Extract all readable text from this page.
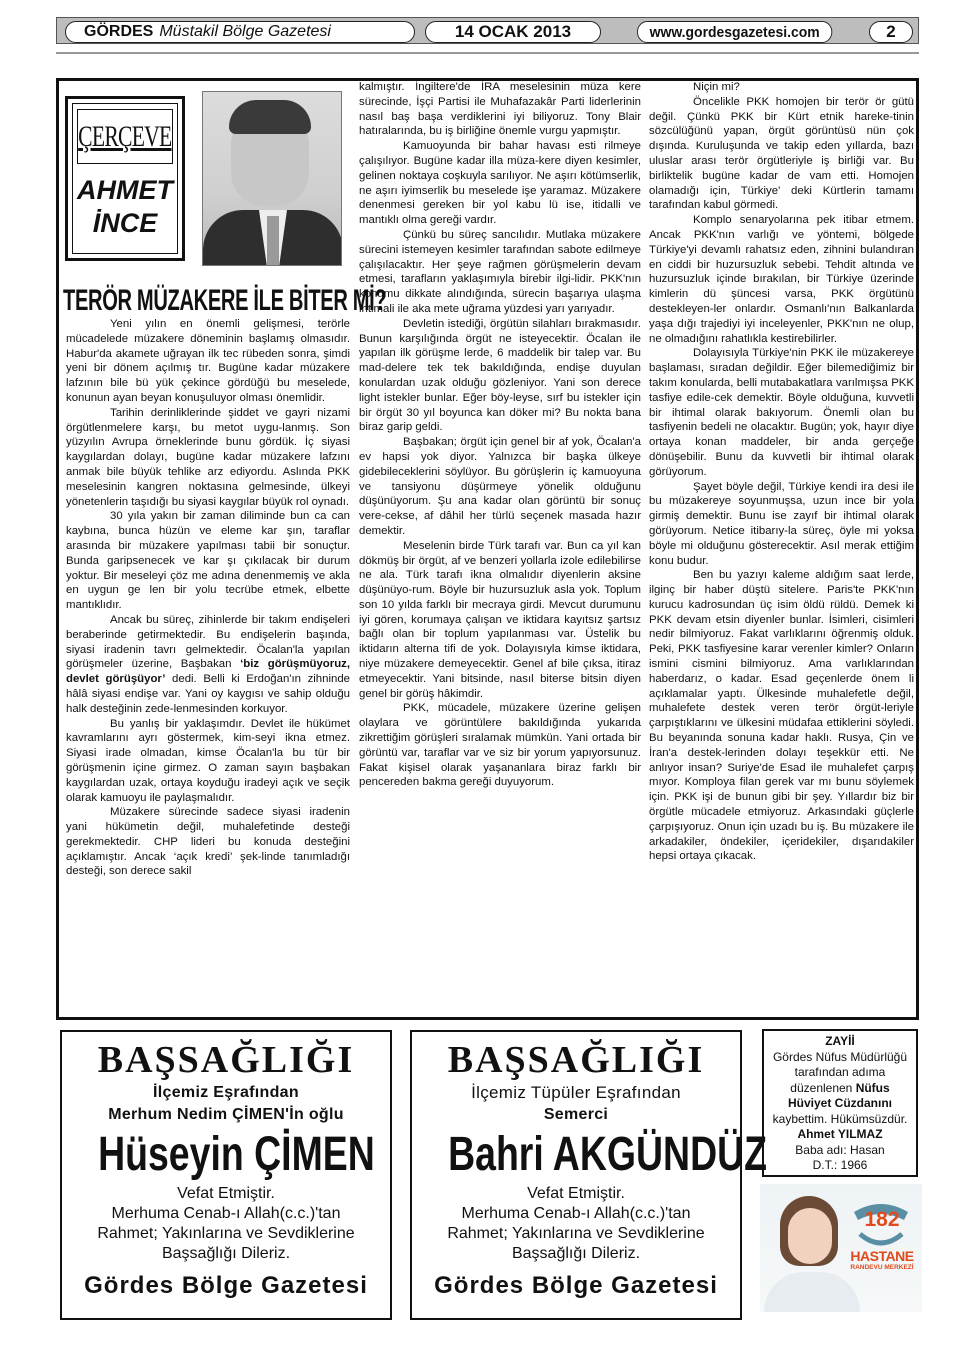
GÖRDES Müstakil Bölge Gazetesi	14 OCAK 2013	www.gordesgazetesi.com	2
ÇERÇEVE
AHMET
İNCE
TERÖR MÜZAKERE İLE BİTER Mİ?

Yeni yılın en önemli gelişmesi, terörle mücadelede müzakere döneminin başlamış olmasıdır. Habur'da akamete uğrayan ilk tec rübeden sonra, şimdi yeni bir dönem açılmış tır. Bugüne kadar müzakere lafzının bile bü yük çekince gördüğü bu meselede, konunun ayan beyan konuşuluyor olması önemlidir.

Tarihin derinliklerinde şiddet ve gayri nizami örgütlenmelere karşı, bu metot uygu-lanmış. Son yüzyılın Avrupa örneklerinde bunu gördük. İç siyasi kaygılardan dolayı, bugüne kadar müzakere lafzını anmak bile büyük tehlike arz ediyordu. Aslında PKK meselesinin kangren noktasına gelmesinde, ülkeyi yönetenlerin taşıdığı bu siyasi kaygılar büyük rol oynadı.

30 yıla yakın bir zaman diliminde bun ca can kaybına, bunca hüzün ve eleme kar şın, taraflar arasında bir müzakere yapılması tabii bir sonuçtur. Bunda garipsenecek ve kar şı çıkılacak bir durum yoktur. Bir meseleyi çöz me adına denenmemiş ve akla en uygun ge len bir yolu tecrübe etmek, elbette mantıklıdır.

Ancak bu süreç, zihinlerde bir takım endişeleri beraberinde getirmektedir. Bu endişelerin başında, siyasi iradenin tavrı gelmektedir. Öcalan'la yapılan görüşmeler üzerine, Başbakan ‘biz görüşmüyoruz, devlet görüşüyor’ dedi. Belli ki Erdoğan'ın zihninde hâlâ siyasi endişe var. Yani oy kaygısı ve sahip olduğu halk desteğinin zede-lenmesinden korkuyor.

Bu yanlış bir yaklaşımdır. Devlet ile hükümet kavramlarını ayrı göstermek, kim-seyi ikna etmez. Siyasi irade olmadan, kimse Öcalan'la bu tür bir görüşmenin içine girmez. O zaman sayın başbakan kaygılardan uzak, ortaya koyduğu iradeyi açık ve seçik olarak kamuoyu ile paylaşmalıdır.

Müzakere sürecinde sadece siyasi iradenin yani hükümetin değil, muhalefetinde desteği gerekmektedir. CHP lideri bu konuda desteğini açıklamıştır. Ancak ‘açık kredi’ şek-linde tanımladığı desteği, son derece sakil

kalmıştır. İngiltere'de İRA meselesinin müza kere sürecinde, İşçi Partisi ile Muhafazakâr Parti liderlerinin nasıl baş başa verdiklerini iyi biliyoruz. Tony Blair hatıralarında, bu iş birliğine önemle vurgu yapmıştır.

Kamuoyunda bir bahar havası esti rilmeye çalışılıyor. Bugüne kadar illa müza-kere diyen kesimler, gelinen noktaya coşkuyla sarılıyor. Ne aşırı kötümserlik, ne aşırı iyimserlik bu meselede işe yaramaz. Müzakere denenmesi gereken bir yol kabu lü ise, itidalli ve mantıklı olma gereği vardır.

Çünkü bu süreç sancılıdır. Mutlaka müzakere sürecini istemeyen kesimler tarafından sabote edilmeye çalışılacaktır. Her şeye rağmen görüşmelerin devam etmesi, tarafların yaklaşımıyla birebir ilgi-lidir. PKK'nın konumu dikkate alındığında, sürecin başarıya ulaşma ihtimali ile aka mete uğrama yüzdesi yarı yarıyadır.

Devletin istediği, örgütün silahları bırakmasıdır. Bunun karşılığında örgüt ne isteyecektir. Öcalan ile yapılan ilk görüşme lerde, 6 maddelik bir talep var. Bu mad-delere tek tek bakıldığında, endişe duyulan konulardan uzak olduğu gözleniyor. Yani son derece light istekler bunlar. Eğer böy-leyse, sırf bu istekler için bir örgüt 30 yıl boyunca kan döker mi? Bu nokta bana biraz garip geldi.

Başbakan; örgüt için genel bir af yok, Öcalan'a ev hapsi yok diyor. Yalnızca bir başka ülkeye gidebileceklerini söylüyor. Bu görüşlerin iç kamuoyuna ve tansiyonu düşürmeye yönelik olduğunu düşünüyorum. Şu ana kadar olan görüntü bir sonuç vere-cekse, af dâhil her türlü seçenek masada hazır demektir.

Meselenin birde Türk tarafı var. Bun ca yıl kan dökmüş bir örgüt, af ve benzeri yollarla izole edilebilirse ne ala. Türk tarafı ikna olmalıdır diyenlerin aksine düşünüyo-rum. Böyle bir huzursuzluk asla yok. Toplum son 10 yılda farklı bir mecraya girdi. Mevcut durumunu iyi gören, korumaya çalışan ve iktidara kayıtsız şartsız bağlı olan bir toplum yapılanması var. Üstelik bu iktidarın alterna tifi de yok. Dolayısıyla kimse iktidara, niye müzakere demeyecektir. Genel af bile çıksa, itiraz etmeyecektir. Yani bitsinde, nasıl biterse bitsin diyen genel bir görüş hâkimdir.

PKK, mücadele, müzakere üzerine gelişen olaylara ve görüntülere bakıldığında yukarıda zikrettiğim görüşleri sıralamak mümkün. Yani ortada bir görüntü var, taraflar var ve siz bir yorum yapıyorsunuz. Fakat kişisel olarak yaşananlara biraz farklı bir pencereden bakma gereği duyuyorum.

Niçin mi?

Öncelikle PKK homojen bir terör ör gütü değil. Çünkü PKK bir Kürt etnik hareke-tinin sözcülüğünü yapan, örgüt görüntüsü nün çok dışında. Kuruluşunda ve takip eden yıllarda, bazı uluslar arası terör örgütleriyle iş birliği var. Bu birliktelik bugüne kadar de vam etti. Homojen olamadığı için, Türkiye' deki Kürtlerin tamamı tarafından kabul görmedi.

Komplo senaryolarına pek itibar etmem. Ancak PKK'nın varlığı ve yöntemi, bölgede Türkiye'yi devamlı rahatsız eden, zihnini bulandıran en ciddi bir huzursuzluk sebebi. Tehdit altında ve huzursuzluk içinde bırakılan, bir Türkiye üzerinde kimlerin dü şüncesi varsa, PKK örgütünü destekleyen-ler onlardır. Osmanlı'nın Balkanlarda yaşa dığı trajediyi iyi inceleyenler, PKK'nın ne olup, ne olmadığını rahatlıkla kestirebilirler.

Dolayısıyla Türkiye'nin PKK ile müzakereye başlaması, sıradan değildir. Eğer bilemediğimiz bir takım konularda, belli mutabakatlara varılmışsa PKK tasfiye edile-cek demektir. Böyle olduğuna, kuvvetli bir ihtimal olarak bakıyorum. Önemli olan bu tasfiyenin bedeli ne olacaktır. Bugün; yok, hayır diye ortaya konan maddeler, bir anda gerçeğe dönüşebilir. Bunu da kuvvetli bir ihtimal olarak görüyorum.

Şayet böyle değil, Türkiye kendi ira desi ile bu müzakereye soyunmuşsa, uzun ince bir yola girmiş demektir. Bunu ise zayıf bir ihtimal olarak görüyorum. Netice itibarıy-la süreç, öyle mi yoksa böyle mi olduğunu gösterecektir. Asıl merak ettiğim konu budur.

Ben bu yazıyı kaleme aldığım saat lerde, ilginç bir haber düştü sitelere. Paris'te PKK'nın kurucu kadrosundan üç isim öldü rüldü. Demek ki PKK devam etsin diyenler bunlar. İsimleri, cisimleri nedir bilmiyoruz. Fakat varlıklarını öğrenmiş olduk. Peki, PKK tasfiyesine karar verenler kimler? Onların ismini cismini bilmiyoruz. Ama varlıklarından haberdarız, o kadar. Esad geçenlerde önem li açıklamalar yaptı. Ülkesinde muhalefetle değil, muhalefete destek veren terör örgüt-leriyle çarpıştıklarını ve ülkesini müdafaa ettiklerini söyledi. Bu beyanında sonuna kadar haklı. Rusya, Çin ve İran'a destek-lerinden dolayı teşekkür etti. Ne anlıyor insan? Suriye'de Esad ile muhalefet çarpış mıyor. Komploya filan gerek var mı bunu söylemek için. PKK işi de bunun gibi bir şey. Yıllardır biz bir örgütle mücadele etmiyoruz. Arkasındaki güçlerle çarpışıyoruz. Onun için uzadı bu iş. Bu müzakere ile arkadakiler, öndekiler, içeridekiler, dışarıdakiler hepsi ortaya çıkacak.

BAŞSAĞLIĞI
İlçemiz Eşrafından
Merhum Nedim ÇİMEN'İn oğlu
Hüseyin ÇİMEN
Vefat Etmiştir.
Merhuma Cenab-ı Allah(c.c.)'tan
Rahmet; Yakınlarına ve Sevdiklerine
Başsağlığı Dileriz.
Gördes Bölge Gazetesi
BAŞSAĞLIĞI
İlçemiz Tüpüler Eşrafından
Semerci
Bahri AKGÜNDÜZ
Vefat Etmiştir.
Merhuma Cenab-ı Allah(c.c.)'tan
Rahmet; Yakınlarına ve Sevdiklerine
Başsağlığı Dileriz.
Gördes Bölge Gazetesi
ZAYİİ
Gördes Nüfus Müdürlüğü
tarafından adıma
düzenlenen Nüfus
Hüviyet Cüzdanını
kaybettim. Hükümsüzdür.
Ahmet YILMAZ
Baba adı: Hasan
D.T.: 1966
182
HASTANE
RANDEVU MERKEZİ
